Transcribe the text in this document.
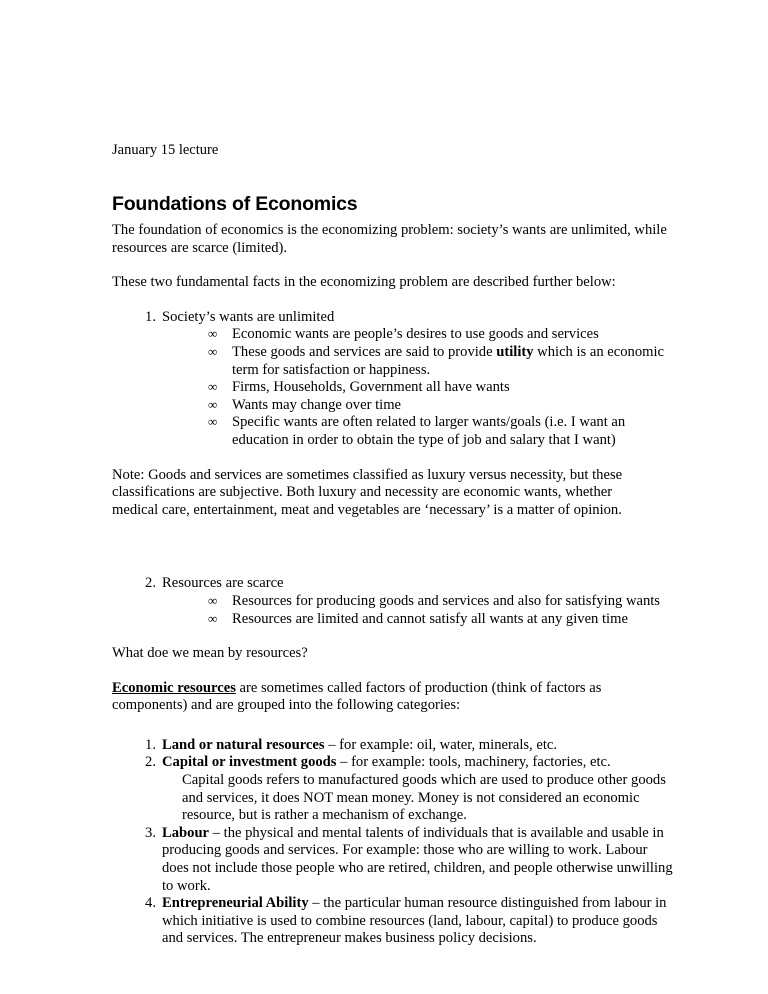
January 15 lecture

Foundations of Economics

The foundation of economics is the economizing problem: society’s wants are unlimited, while resources are scarce (limited).

These two fundamental facts in the economizing problem are described further below:

1. Society’s wants are unlimited
∞ Economic wants are people’s desires to use goods and services
∞ These goods and services are said to provide utility which is an economic term for satisfaction or happiness.
∞ Firms, Households, Government all have wants
∞ Wants may change over time
∞ Specific wants are often related to larger wants/goals (i.e. I want an education in order to obtain the type of job and salary that I want)

Note: Goods and services are sometimes classified as luxury versus necessity, but these classifications are subjective. Both luxury and necessity are economic wants, whether medical care, entertainment, meat and vegetables are ‘necessary’ is a matter of opinion.

2. Resources are scarce
∞ Resources for producing goods and services and also for satisfying wants
∞ Resources are limited and cannot satisfy all wants at any given time

What doe we mean by resources?

Economic resources are sometimes called factors of production (think of factors as components) and are grouped into the following categories:

1. Land or natural resources – for example: oil, water, minerals, etc.
2. Capital or investment goods – for example: tools, machinery, factories, etc.
Capital goods refers to manufactured goods which are used to produce other goods and services, it does NOT mean money. Money is not considered an economic resource, but is rather a mechanism of exchange.
3. Labour – the physical and mental talents of individuals that is available and usable in producing goods and services. For example: those who are willing to work. Labour does not include those people who are retired, children, and people otherwise unwilling to work.
4. Entrepreneurial Ability – the particular human resource distinguished from labour in which initiative is used to combine resources (land, labour, capital) to produce goods and services. The entrepreneur makes business policy decisions.
